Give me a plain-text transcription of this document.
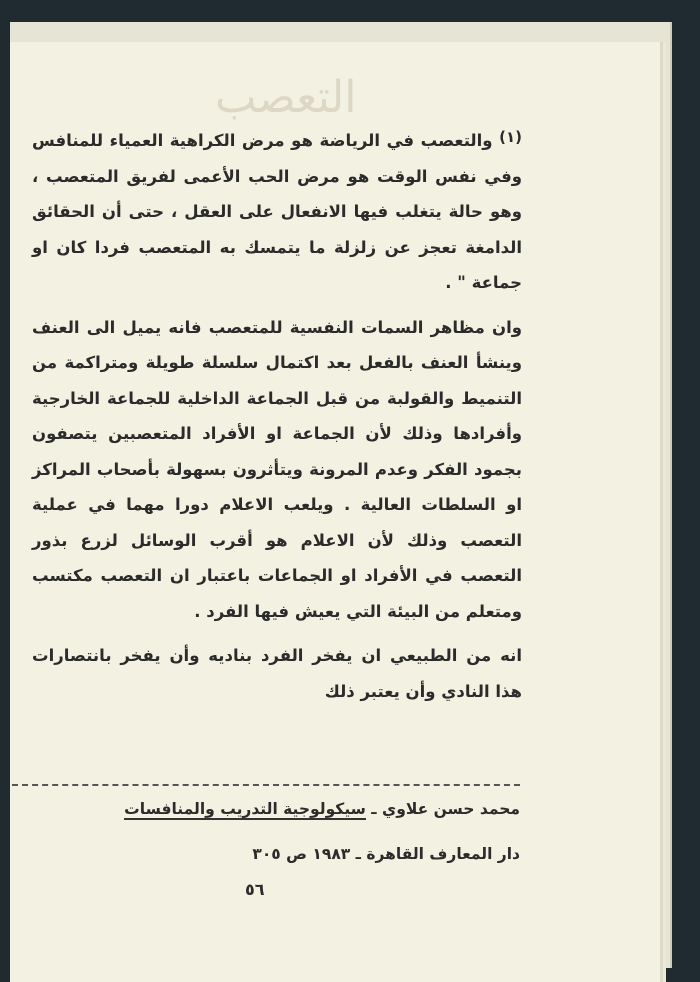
التعصب

(١) والتعصب في الرياضة هو مرض الكراهية العمياء للمنافس وفي نفس الوقت هو مرض الحب الأعمى لفريق المتعصب ، وهو حالة يتغلب فيها الانفعال على العقل ، حتى أن الحقائق الدامغة تعجز عن زلزلة ما يتمسك به المتعصب فردا كان او جماعة " .

وان مظاهر السمات النفسية للمتعصب فانه يميل الى العنف وينشأ العنف بالفعل بعد اكتمال سلسلة طويلة ومتراكمة من التنميط والقولبة من قبل الجماعة الداخلية للجماعة الخارجية وأفرادها وذلك لأن الجماعة او الأفراد المتعصبين يتصفون بجمود الفكر وعدم المرونة ويتأثرون بسهولة بأصحاب المراكز او السلطات العالية . ويلعب الاعلام دورا مهما في عملية التعصب وذلك لأن الاعلام هو أقرب الوسائل لزرع بذور التعصب في الأفراد او الجماعات باعتبار ان التعصب مكتسب ومتعلم من البيئة التي يعيش فيها الفرد .

انه من الطبيعي ان يفخر الفرد بناديه وأن يفخر بانتصارات هذا النادي وأن يعتبر ذلك

محمد حسن علاوي ـ سيكولوجية التدريب والمنافسات
دار المعارف القاهرة ـ ١٩٨٣ ص ٣٠٥
٥٦
